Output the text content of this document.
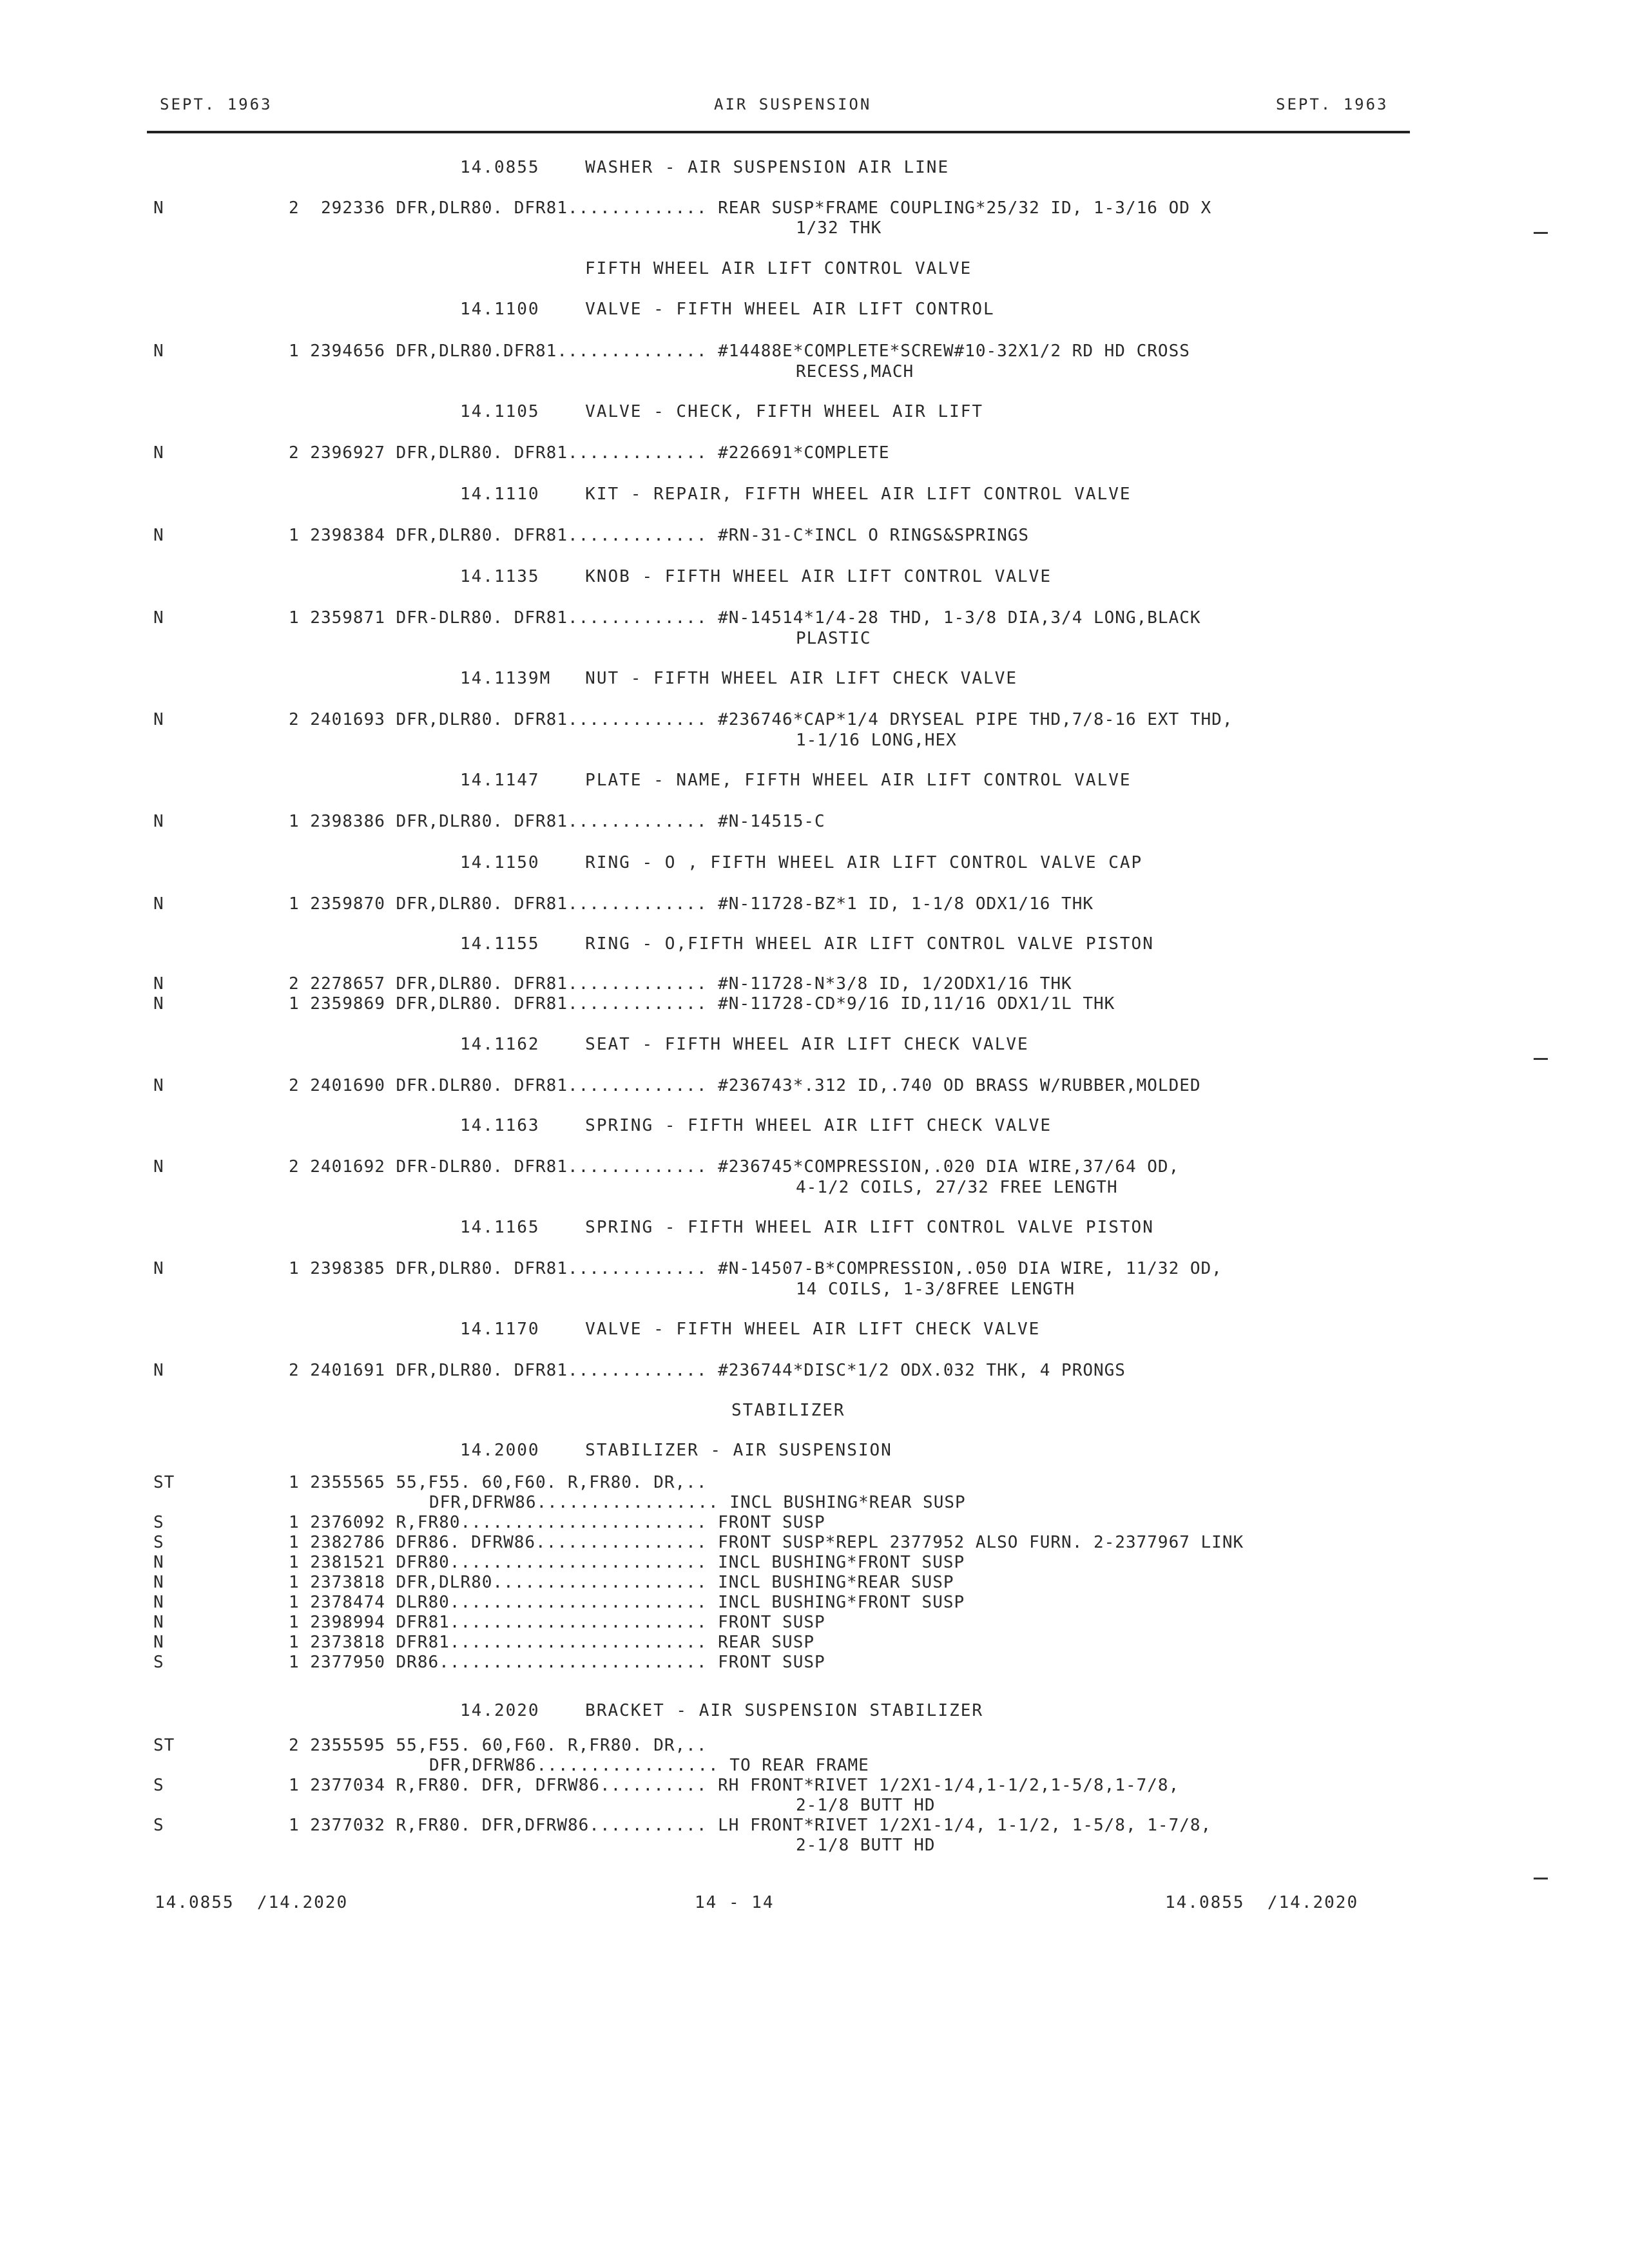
SEPT. 1963	AIR SUSPENSION	SEPT. 1963
14.0855    WASHER - AIR SUSPENSION AIR LINE
N	2  292336 DFR,DLR80. DFR81............. REAR SUSP*FRAME COUPLING*25/32 ID, 1-3/16 OD X
1/32 THK
FIFTH WHEEL AIR LIFT CONTROL VALVE
14.1100    VALVE - FIFTH WHEEL AIR LIFT CONTROL
N	1 2394656 DFR,DLR80.DFR81.............. #14488E*COMPLETE*SCREW#10-32X1/2 RD HD CROSS
RECESS,MACH
14.1105    VALVE - CHECK, FIFTH WHEEL AIR LIFT
N	2 2396927 DFR,DLR80. DFR81............. #226691*COMPLETE
14.1110    KIT - REPAIR, FIFTH WHEEL AIR LIFT CONTROL VALVE
N	1 2398384 DFR,DLR80. DFR81............. #RN-31-C*INCL O RINGS&SPRINGS
14.1135    KNOB - FIFTH WHEEL AIR LIFT CONTROL VALVE
N	1 2359871 DFR-DLR80. DFR81............. #N-14514*1/4-28 THD, 1-3/8 DIA,3/4 LONG,BLACK
PLASTIC
14.1139M   NUT - FIFTH WHEEL AIR LIFT CHECK VALVE
N	2 2401693 DFR,DLR80. DFR81............. #236746*CAP*1/4 DRYSEAL PIPE THD,7/8-16 EXT THD,
1-1/16 LONG,HEX
14.1147    PLATE - NAME, FIFTH WHEEL AIR LIFT CONTROL VALVE
N	1 2398386 DFR,DLR80. DFR81............. #N-14515-C
14.1150    RING - O , FIFTH WHEEL AIR LIFT CONTROL VALVE CAP
N	1 2359870 DFR,DLR80. DFR81............. #N-11728-BZ*1 ID, 1-1/8 ODX1/16 THK
14.1155    RING - O,FIFTH WHEEL AIR LIFT CONTROL VALVE PISTON
N	2 2278657 DFR,DLR80. DFR81............. #N-11728-N*3/8 ID, 1/2ODX1/16 THK
N	1 2359869 DFR,DLR80. DFR81............. #N-11728-CD*9/16 ID,11/16 ODX1/1L THK
14.1162    SEAT - FIFTH WHEEL AIR LIFT CHECK VALVE
N	2 2401690 DFR.DLR80. DFR81............. #236743*.312 ID,.740 OD BRASS W/RUBBER,MOLDED
14.1163    SPRING - FIFTH WHEEL AIR LIFT CHECK VALVE
N	2 2401692 DFR-DLR80. DFR81............. #236745*COMPRESSION,.020 DIA WIRE,37/64 OD,
4-1/2 COILS, 27/32 FREE LENGTH
14.1165    SPRING - FIFTH WHEEL AIR LIFT CONTROL VALVE PISTON
N	1 2398385 DFR,DLR80. DFR81............. #N-14507-B*COMPRESSION,.050 DIA WIRE, 11/32 OD,
14 COILS, 1-3/8FREE LENGTH
14.1170    VALVE - FIFTH WHEEL AIR LIFT CHECK VALVE
N	2 2401691 DFR,DLR80. DFR81............. #236744*DISC*1/2 ODX.032 THK, 4 PRONGS
STABILIZER
14.2000    STABILIZER - AIR SUSPENSION
ST	1 2355565 55,F55. 60,F60. R,FR80. DR,..
DFR,DFRW86................. INCL BUSHING*REAR SUSP
S	1 2376092 R,FR80....................... FRONT SUSP
S	1 2382786 DFR86. DFRW86................ FRONT SUSP*REPL 2377952 ALSO FURN. 2-2377967 LINK
N	1 2381521 DFR80........................ INCL BUSHING*FRONT SUSP
N	1 2373818 DFR,DLR80.................... INCL BUSHING*REAR SUSP
N	1 2378474 DLR80........................ INCL BUSHING*FRONT SUSP
N	1 2398994 DFR81........................ FRONT SUSP
N	1 2373818 DFR81........................ REAR SUSP
S	1 2377950 DR86......................... FRONT SUSP
14.2020    BRACKET - AIR SUSPENSION STABILIZER
ST	2 2355595 55,F55. 60,F60. R,FR80. DR,..
DFR,DFRW86................. TO REAR FRAME
S	1 2377034 R,FR80. DFR, DFRW86.......... RH FRONT*RIVET 1/2X1-1/4,1-1/2,1-5/8,1-7/8,
2-1/8 BUTT HD
S	1 2377032 R,FR80. DFR,DFRW86........... LH FRONT*RIVET 1/2X1-1/4, 1-1/2, 1-5/8, 1-7/8,
2-1/8 BUTT HD
14.0855  /14.2020	14 - 14	14.0855  /14.2020
